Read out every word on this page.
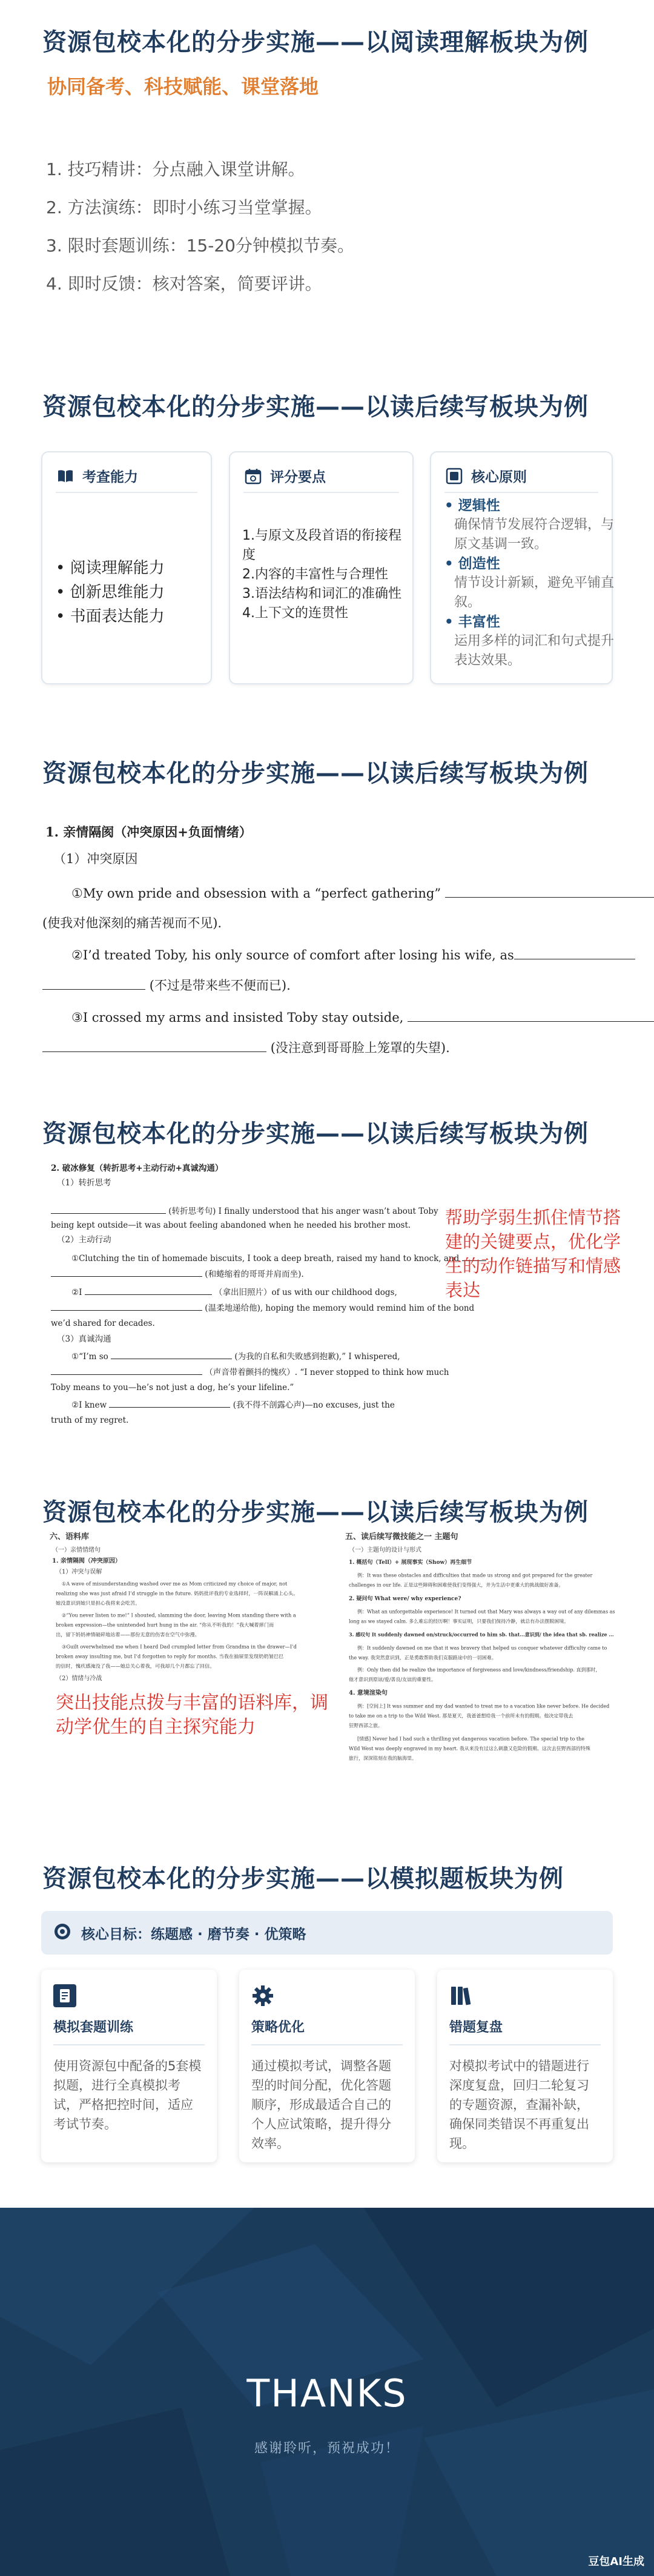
资源包校本化的分步实施——以阅读理解板块为例
协同备考、科技赋能、课堂落地
1. 技巧精讲：分点融入课堂讲解。
2. 方法演练：即时小练习当堂掌握。
3. 限时套题训练：15-20分钟模拟节奏。
4. 即时反馈：核对答案，简要评讲。
资源包校本化的分步实施——以读后续写板块为例
考查能力
• 阅读理解能力
• 创新思维能力
• 书面表达能力
评分要点
1.与原文及段首语的衔接程度
2.内容的丰富性与合理性
3.语法结构和词汇的准确性
4.上下文的连贯性
核心原则
• 逻辑性
确保情节发展符合逻辑，与原文基调一致。
• 创造性
情节设计新颖，避免平铺直叙。
• 丰富性
运用多样的词汇和句式提升表达效果。
资源包校本化的分步实施——以读后续写板块为例
1. 亲情隔阂（冲突原因+负面情绪）
（1）冲突原因
①My own pride and obsession with a “perfect gathering”
(使我对他深刻的痛苦视而不见).
②I’d treated Toby, his only source of comfort after losing his wife, as
(不过是带来些不便而已).
③I crossed my arms and insisted Toby stay outside,
(没注意到哥哥脸上笼罩的失望).
资源包校本化的分步实施——以读后续写板块为例
2. 破冰修复（转折思考+主动行动+真诚沟通）
（1）转折思考
(转折思考句) I finally understood that his anger wasn’t about Toby
being kept outside—it was about feeling abandoned when he needed his brother most.
（2）主动行动
①Clutching the tin of homemade biscuits, I took a deep breath, raised my hand to knock, and
(和蜷缩着的哥哥并肩而坐).
②I	（拿出旧照片）of us with our childhood dogs,
(温柔地递给他), hoping the memory would remind him of the bond
we’d shared for decades.
（3）真诚沟通
①“I’m so	(为我的自私和失败感到抱歉),” I whispered,
（声音带着颤抖的愧疚）. “I never stopped to think how much
Toby means to you—he’s not just a dog, he’s your lifeline.”
②I knew	(我不得不剖露心声)—no excuses, just the
truth of my regret.
帮助学弱生抓住情节搭建的关键要点，优化学生的动作链描写和情感表达
资源包校本化的分步实施——以读后续写板块为例
六、语料库
（一）亲情情绪句
1. 亲情隔阂（冲突原因）
（1）冲突与误解
①A wave of misunderstanding washed over me as Mom criticized my choice of major, not
realizing she was just afraid I’d struggle in the future. 妈妈批评我的专业选择时，一阵误解涌上心头。
她没意识到她只是担心我将来会吃苦。
②“You never listen to me!” I shouted, slamming the door, leaving Mom standing there with a
broken expression—the unintended hurt hung in the air. “你从不听我的！”我大喊着摔门而
出，留下妈妈神情破碎地站着——那份无意的伤害在空气中弥漫。
③Guilt overwhelmed me when I heard Dad crumpled letter from Grandma in the drawer—I’d
broken away insulting me, but I’d forgotten to reply for months. 当我在抽屉里发现奶奶皱巴巴
的信时，愧疚感淹没了我——她总关心着我，可我却几个月都忘了回信。
（2）情绪与冷战
五、读后续写微技能之一 主题句
（一）主题句的设计与形式
1. 概括句（Tell）+ 展现事实（Show）再生细节
例：It was these obstacles and difficulties that made us strong and got prepared for the greater
challenges in our life. 正是这些障碍和困难使我们变得强大，并为生活中更重大的挑战做好准备。
2. 疑问句 What were/ why experience?
例：What an unforgettable experience! It turned out that Mary was always a way out of any dilemmas as
long as we stayed calm. 多么难忘的经历啊！事实证明，只要我们保持冷静，就总有办法摆脱困境。
3. 感叹句 It suddenly dawned on/struck/occurred to him sb. that...意识到/ the idea that sb. realize ...
例：It suddenly dawned on me that it was bravery that helped us conquer whatever difficulty came to
the way. 我突然意识到，正是勇敢帮助我们克服路途中的一切困难。
例：Only then did he realize the importance of forgiveness and love/kindness/friendship. 直到那时，
他才意识到原谅/爱/善良/友谊的重要性。
4. 意境渲染句
例：[空间上] It was summer and my dad wanted to treat me to a vacation like never before. He decided
to take me on a trip to the Wild West. 那是夏天，我爸爸想给我一个前所未有的假期。他决定带我去
狂野西部之旅。
[情感] Never had I had such a thrilling yet dangerous vacation before. The special trip to the
Wild West was deeply engraved in my heart. 我从来没有过这么刺激又危险的假期。这次去狂野西部的特殊
旅行，深深铭刻在我的脑海里。
突出技能点拨与丰富的语料库，调动学优生的自主探究能力
资源包校本化的分步实施——以模拟题板块为例
核心目标：练题感 · 磨节奏 · 优策略
模拟套题训练
使用资源包中配备的5套模拟题，进行全真模拟考试，严格把控时间，适应考试节奏。
策略优化
通过模拟考试，调整各题型的时间分配，优化答题顺序，形成最适合自己的个人应试策略，提升得分效率。
错题复盘
对模拟考试中的错题进行深度复盘，回归二轮复习的专题资源，查漏补缺，确保同类错误不再重复出现。
THANKS
感谢聆听，预祝成功！
豆包AI生成
